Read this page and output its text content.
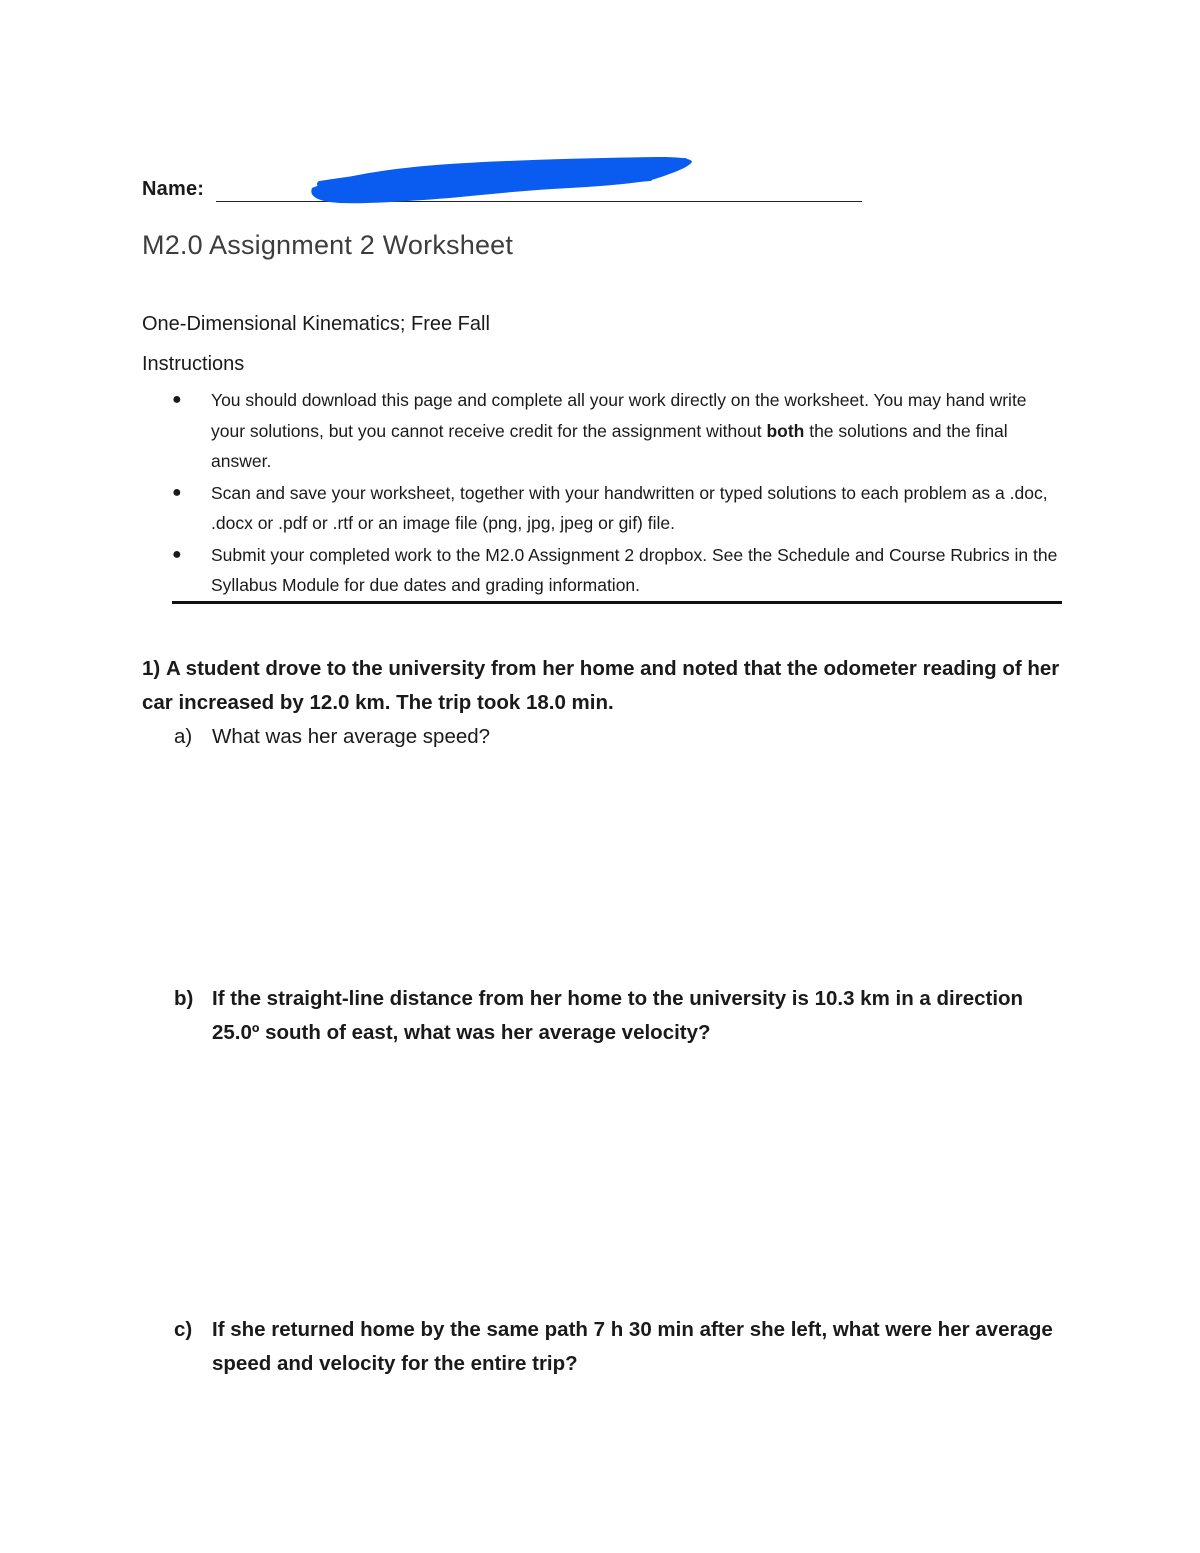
Name:
M2.0 Assignment 2 Worksheet
One-Dimensional Kinematics; Free Fall
Instructions
● You should download this page and complete all your work directly on the worksheet. You may hand write your solutions, but you cannot receive credit for the assignment without both the solutions and the final answer.
● Scan and save your worksheet, together with your handwritten or typed solutions to each problem as a .doc, .docx or .pdf or .rtf or an image file (png, jpg, jpeg or gif) file.
● Submit your completed work to the M2.0 Assignment 2 dropbox. See the Schedule and Course Rubrics in the Syllabus Module for due dates and grading information.
1) A student drove to the university from her home and noted that the odometer reading of her car increased by 12.0 km. The trip took 18.0 min.
a) What was her average speed?
b) If the straight-line distance from her home to the university is 10.3 km in a direction 25.0º south of east, what was her average velocity?
c) If she returned home by the same path 7 h 30 min after she left, what were her average speed and velocity for the entire trip?
